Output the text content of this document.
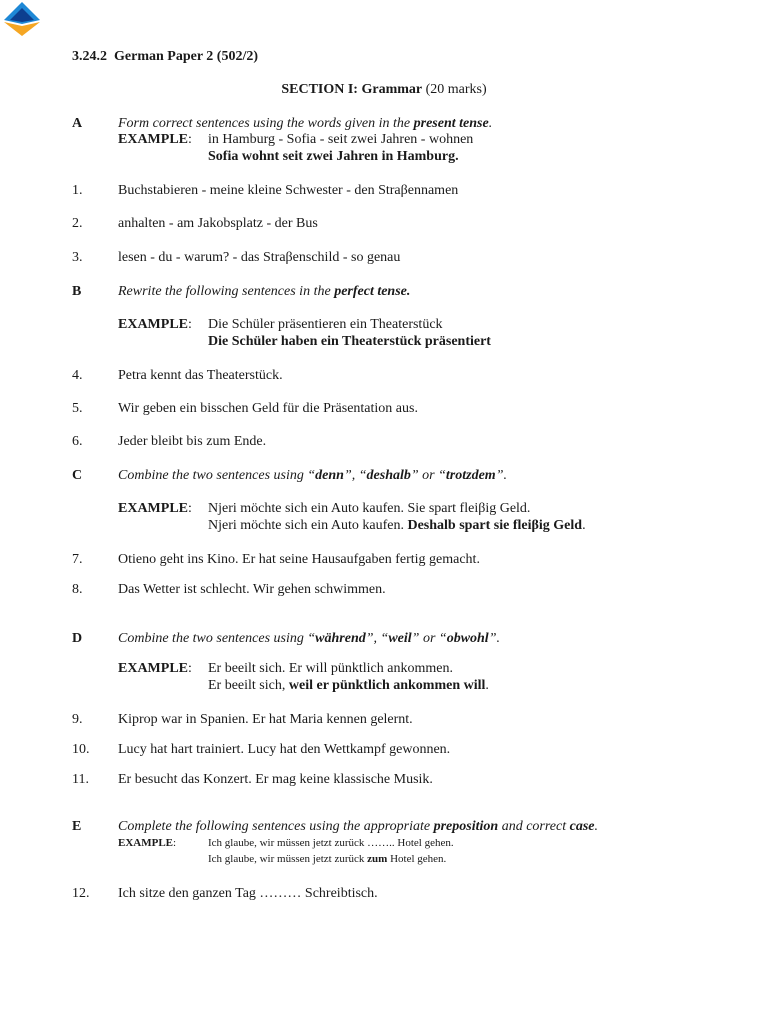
3.24.2 German Paper 2 (502/2)
SECTION I: Grammar (20 marks)
A	Form correct sentences using the words given in the present tense.
EXAMPLE: in Hamburg - Sofia - seit zwei Jahren - wohnen
Sofia wohnt seit zwei Jahren in Hamburg.
1.	Buchstabieren - meine kleine Schwester - den Straβennamen
2.	anhalten - am Jakobsplatz - der Bus
3.	lesen - du - warum? - das Straβenschild - so genau
B	Rewrite the following sentences in the perfect tense.
EXAMPLE: Die Schüler präsentieren ein Theaterstück
Die Schüler haben ein Theaterstück präsentiert
4.	Petra kennt das Theaterstück.
5.	Wir geben ein bisschen Geld für die Präsentation aus.
6.	Jeder bleibt bis zum Ende.
C	Combine the two sentences using “denn”, “deshalb” or “trotzdem”.
EXAMPLE: Njeri möchte sich ein Auto kaufen. Sie spart fleiβig Geld.
Njeri möchte sich ein Auto kaufen. Deshalb spart sie fleiβig Geld.
7.	Otieno geht ins Kino. Er hat seine Hausaufgaben fertig gemacht.
8.	Das Wetter ist schlecht. Wir gehen schwimmen.
D	Combine the two sentences using “während”, “weil” or “obwohl”.
EXAMPLE: Er beeilt sich. Er will pünktlich ankommen.
Er beeilt sich, weil er pünktlich ankommen will.
9.	Kiprop war in Spanien. Er hat Maria kennen gelernt.
10. Lucy hat hart trainiert. Lucy hat den Wettkampf gewonnen.
11. Er besucht das Konzert. Er mag keine klassische Musik.
E	Complete the following sentences using the appropriate preposition and correct case.
EXAMPLE:	Ich glaube, wir müssen jetzt zurück …….. Hotel gehen.
Ich glaube, wir müssen jetzt zurück zum Hotel gehen.
12. Ich sitze den ganzen Tag ……… Schreibtisch.
